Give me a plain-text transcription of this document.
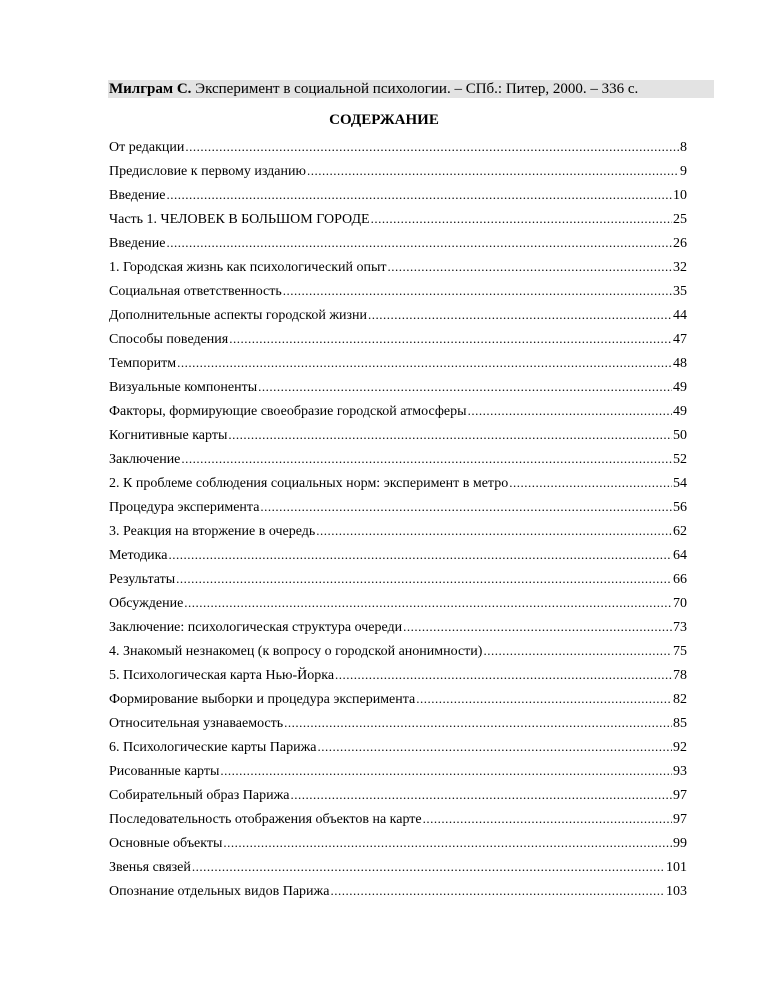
Милграм С. Эксперимент в социальной психологии. – СПб.: Питер, 2000. – 336 с.
СОДЕРЖАНИЕ
От редакции .....	8
Предисловие к первому изданию .....	9
Введение .....	10
Часть 1. ЧЕЛОВЕК В БОЛЬШОМ ГОРОДЕ .....	25
Введение .....	26
1. Городская жизнь как психологический опыт .....	32
Социальная ответственность .....	35
Дополнительные аспекты городской жизни .....	44
Способы поведения .....	47
Темпоритм .....	48
Визуальные компоненты .....	49
Факторы, формирующие своеобразие городской атмосферы .....	49
Когнитивные карты .....	50
Заключение .....	52
2. К проблеме соблюдения социальных норм: эксперимент в метро .....	54
Процедура эксперимента .....	56
3. Реакция на вторжение в очередь .....	62
Методика .....	64
Результаты .....	66
Обсуждение .....	70
Заключение: психологическая структура очереди .....	73
4. Знакомый незнакомец (к вопросу о городской анонимности) .....	75
5. Психологическая карта Нью-Йорка .....	78
Формирование выборки и процедура эксперимента .....	82
Относительная узнаваемость .....	85
6. Психологические карты Парижа .....	92
Рисованные карты .....	93
Собирательный образ Парижа .....	97
Последовательность отображения объектов на карте .....	97
Основные объекты .....	99
Звенья связей .....	101
Опознание отдельных видов Парижа .....	103
